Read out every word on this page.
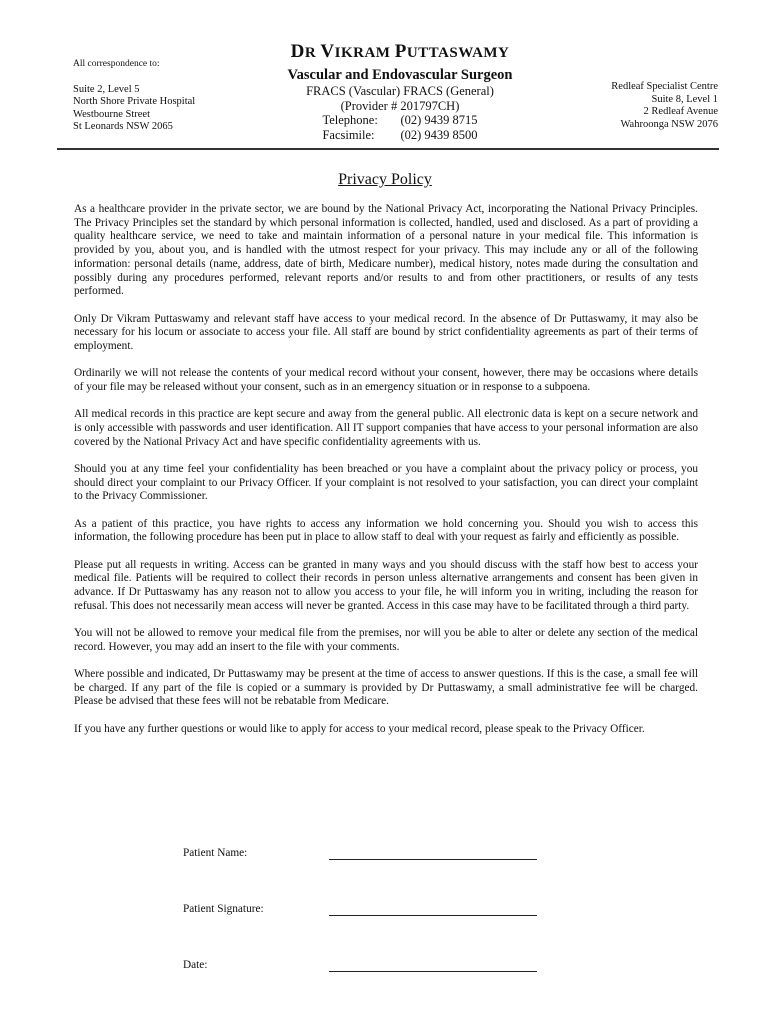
All correspondence to:
Suite 2, Level 5
North Shore Private Hospital
Westbourne Street
St Leonards NSW 2065
DR VIKRAM PUTTASWAMY
Vascular and Endovascular Surgeon
FRACS (Vascular) FRACS (General)
(Provider # 201797CH)
Telephone:	(02) 9439 8715
Facsimile:	(02) 9439 8500
Redleaf Specialist Centre
Suite 8, Level 1
2 Redleaf Avenue
Wahroonga NSW 2076
Privacy Policy

As a healthcare provider in the private sector, we are bound by the National Privacy Act, incorporating the National Privacy Principles. The Privacy Principles set the standard by which personal information is collected, handled, used and disclosed. As a part of providing a quality healthcare service, we need to take and maintain information of a personal nature in your medical file. This information is provided by you, about you, and is handled with the utmost respect for your privacy. This may include any or all of the following information: personal details (name, address, date of birth, Medicare number), medical history, notes made during the consultation and possibly during any procedures performed, relevant reports and/or results to and from other practitioners, or results of any tests performed.

Only Dr Vikram Puttaswamy and relevant staff have access to your medical record. In the absence of Dr Puttaswamy, it may also be necessary for his locum or associate to access your file. All staff are bound by strict confidentiality agreements as part of their terms of employment.

Ordinarily we will not release the contents of your medical record without your consent, however, there may be occasions where details of your file may be released without your consent, such as in an emergency situation or in response to a subpoena.

All medical records in this practice are kept secure and away from the general public. All electronic data is kept on a secure network and is only accessible with passwords and user identification. All IT support companies that have access to your personal information are also covered by the National Privacy Act and have specific confidentiality agreements with us.

Should you at any time feel your confidentiality has been breached or you have a complaint about the privacy policy or process, you should direct your complaint to our Privacy Officer. If your complaint is not resolved to your satisfaction, you can direct your complaint to the Privacy Commissioner.

As a patient of this practice, you have rights to access any information we hold concerning you. Should you wish to access this information, the following procedure has been put in place to allow staff to deal with your request as fairly and efficiently as possible.

Please put all requests in writing. Access can be granted in many ways and you should discuss with the staff how best to access your medical file. Patients will be required to collect their records in person unless alternative arrangements and consent has been given in advance. If Dr Puttaswamy has any reason not to allow you access to your file, he will inform you in writing, including the reason for refusal. This does not necessarily mean access will never be granted. Access in this case may have to be facilitated through a third party.

You will not be allowed to remove your medical file from the premises, nor will you be able to alter or delete any section of the medical record. However, you may add an insert to the file with your comments.

Where possible and indicated, Dr Puttaswamy may be present at the time of access to answer questions. If this is the case, a small fee will be charged. If any part of the file is copied or a summary is provided by Dr Puttaswamy, a small administrative fee will be charged. Please be advised that these fees will not be rebatable from Medicare.

If you have any further questions or would like to apply for access to your medical record, please speak to the Privacy Officer.

Patient Name:
Patient Signature:
Date:
